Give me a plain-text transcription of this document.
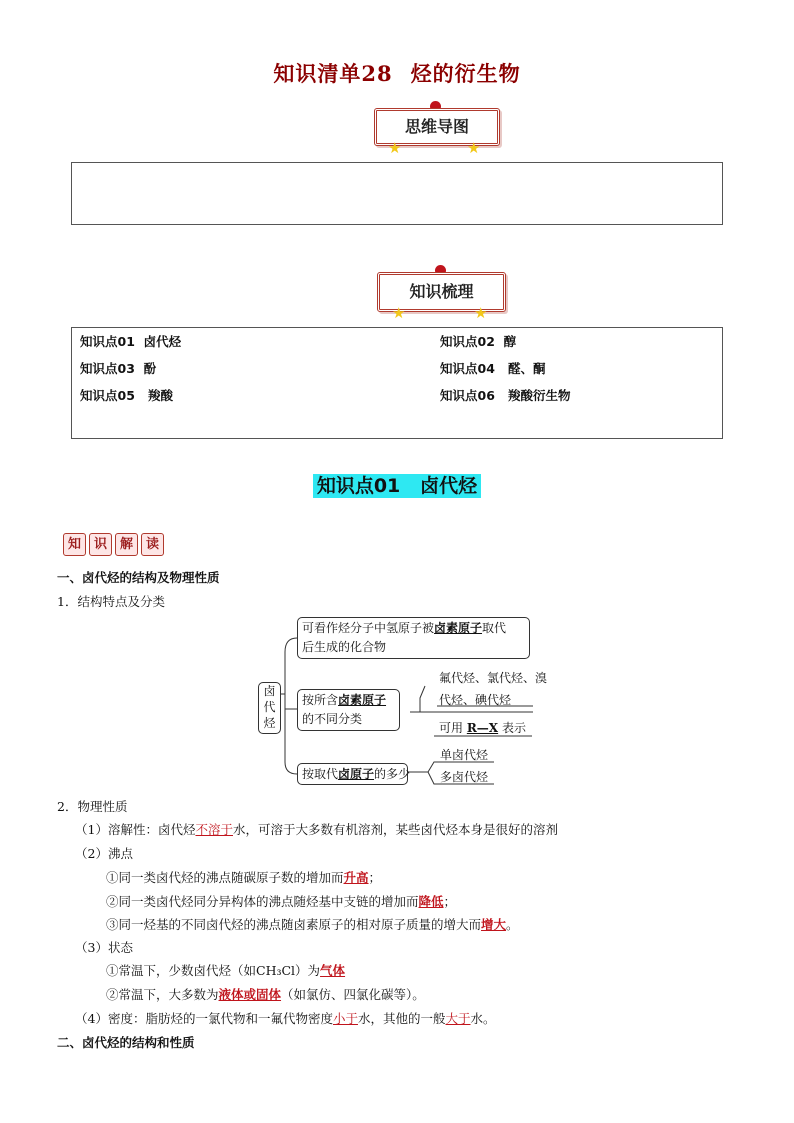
知识清单28 烃的衍生物
思维导图
★	★
知识梳理
★	★
知识点01 卤代烃	知识点02 醇
知识点03 酚	知识点04 醛、酮
知识点05 羧酸	知识点06 羧酸衍生物
知识点01 卤代烃
知 识 解 读
一、卤代烃的结构及物理性质
1．结构特点及分类
卤代烃
可看作烃分子中氢原子被卤素原子取代
后生成的化合物
按所含卤素原子
的不同分类
氟代烃、氯代烃、溴
代烃、碘代烃
可用 R—X 表示
按取代卤原子的多少
单卤代烃
多卤代烃
2．物理性质
（1）溶解性：卤代烃不溶于水，可溶于大多数有机溶剂，某些卤代烃本身是很好的溶剂
（2）沸点
①同一类卤代烃的沸点随碳原子数的增加而升高；
②同一类卤代烃同分异构体的沸点随烃基中支链的增加而降低；
③同一烃基的不同卤代烃的沸点随卤素原子的相对原子质量的增大而增大。
（3）状态
①常温下，少数卤代烃（如CH₃Cl）为气体
②常温下，大多数为液体或固体（如氯仿、四氯化碳等）。
（4）密度：脂肪烃的一氯代物和一氟代物密度小于水，其他的一般大于水。
二、卤代烃的结构和性质
